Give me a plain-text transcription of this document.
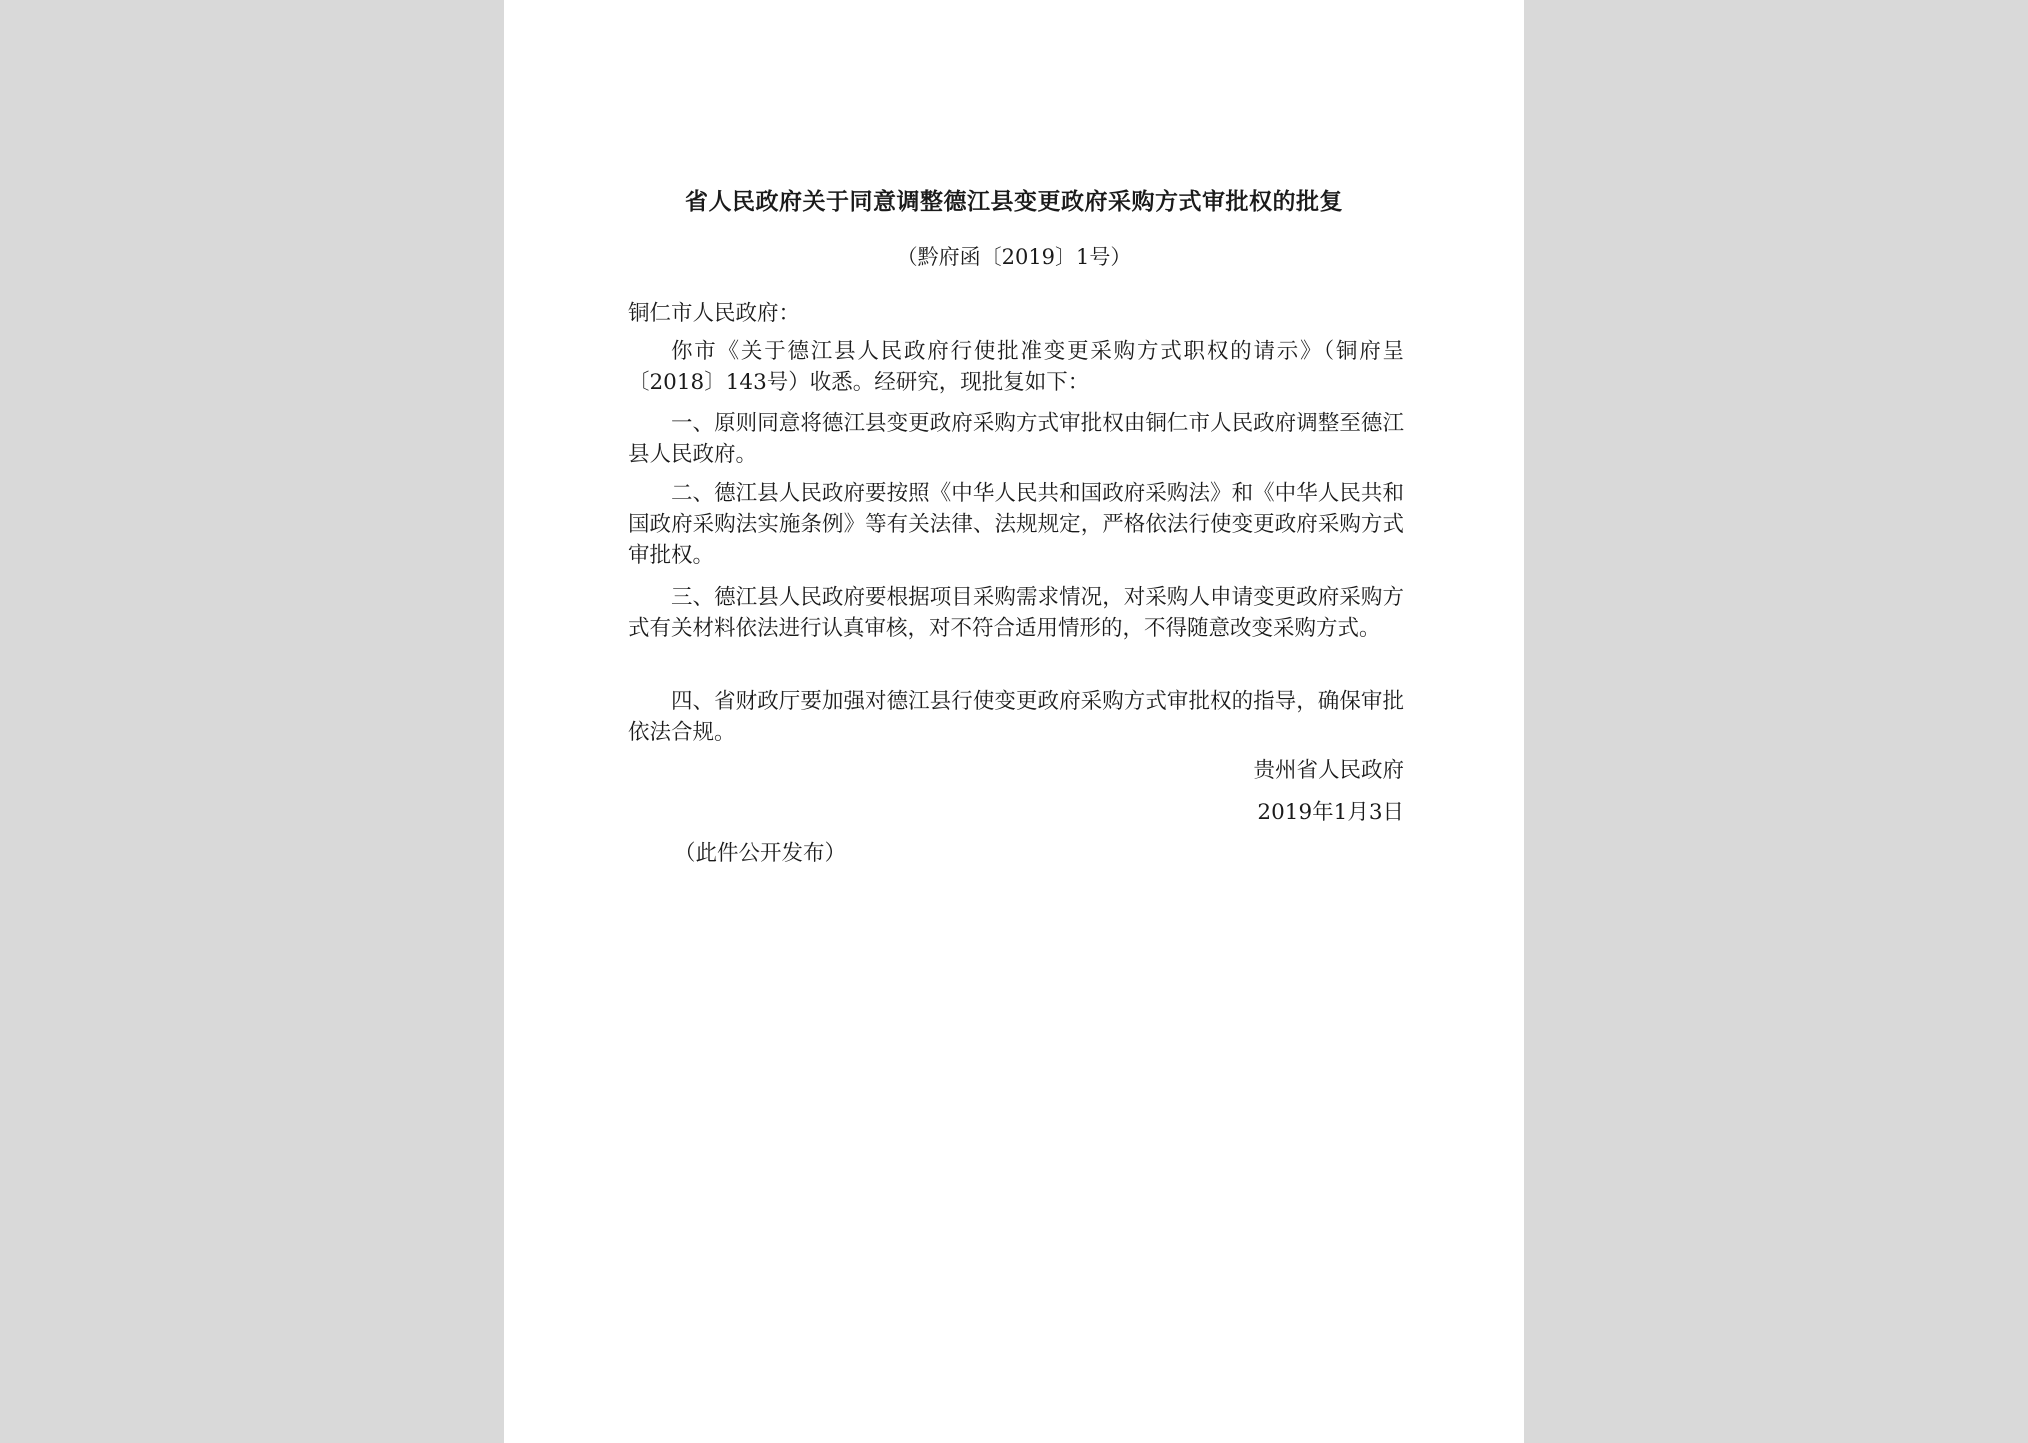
省人民政府关于同意调整德江县变更政府采购方式审批权的批复
（黔府函〔2019〕1号）

铜仁市人民政府：

你市《关于德江县人民政府行使批准变更采购方式职权的请示》（铜府呈〔2018〕143号）收悉。经研究，现批复如下：

一、原则同意将德江县变更政府采购方式审批权由铜仁市人民政府调整至德江县人民政府。

二、德江县人民政府要按照《中华人民共和国政府采购法》和《中华人民共和国政府采购法实施条例》等有关法律、法规规定，严格依法行使变更政府采购方式审批权。

三、德江县人民政府要根据项目采购需求情况，对采购人申请变更政府采购方式有关材料依法进行认真审核，对不符合适用情形的，不得随意改变采购方式。

四、省财政厅要加强对德江县行使变更政府采购方式审批权的指导，确保审批依法合规。

贵州省人民政府
2019年1月3日
（此件公开发布）
